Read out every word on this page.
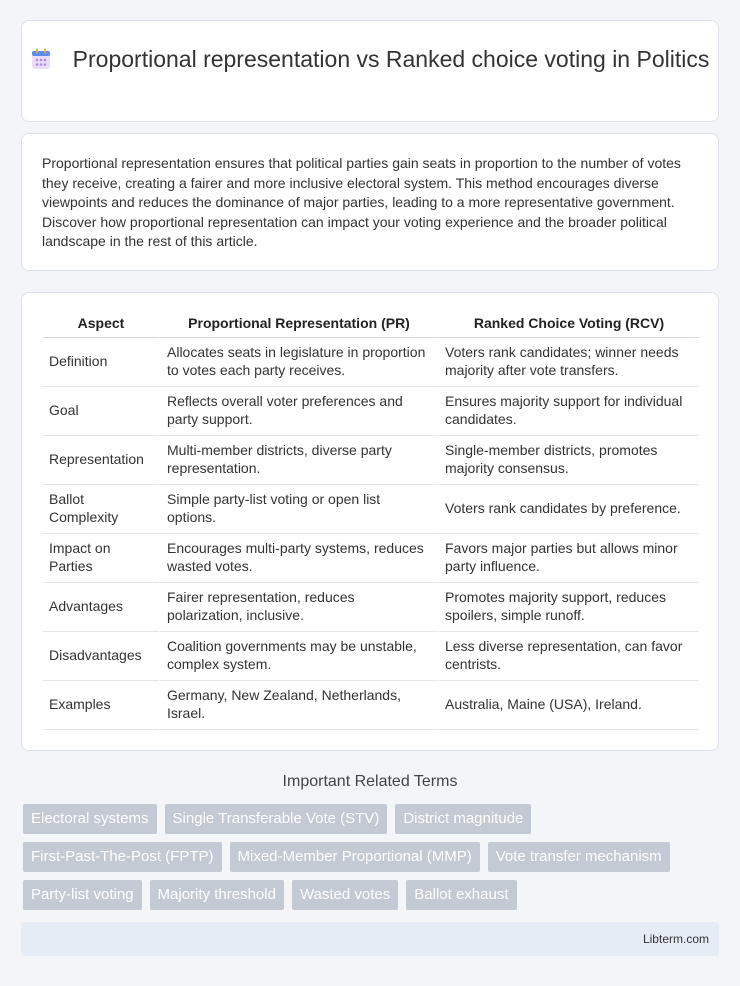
Proportional representation vs Ranked choice voting in Politics

Proportional representation ensures that political parties gain seats in proportion to the number of votes they receive, creating a fairer and more inclusive electoral system. This method encourages diverse viewpoints and reduces the dominance of major parties, leading to a more representative government. Discover how proportional representation can impact your voting experience and the broader political landscape in the rest of this article.

Aspect	Proportional Representation (PR)	Ranked Choice Voting (RCV)
Definition	Allocates seats in legislature in proportion to votes each party receives.	Voters rank candidates; winner needs majority after vote transfers.
Goal	Reflects overall voter preferences and party support.	Ensures majority support for individual candidates.
Representation	Multi-member districts, diverse party representation.	Single-member districts, promotes majority consensus.
Ballot Complexity	Simple party-list voting or open list options.	Voters rank candidates by preference.
Impact on Parties	Encourages multi-party systems, reduces wasted votes.	Favors major parties but allows minor party influence.
Advantages	Fairer representation, reduces polarization, inclusive.	Promotes majority support, reduces spoilers, simple runoff.
Disadvantages	Coalition governments may be unstable, complex system.	Less diverse representation, can favor centrists.
Examples	Germany, New Zealand, Netherlands, Israel.	Australia, Maine (USA), Ireland.
Important Related Terms
Electoral systems	Single Transferable Vote (STV)	District magnitude
First-Past-The-Post (FPTP)	Mixed-Member Proportional (MMP)	Vote transfer mechanism
Party-list voting	Majority threshold	Wasted votes	Ballot exhaust
Libterm.com
